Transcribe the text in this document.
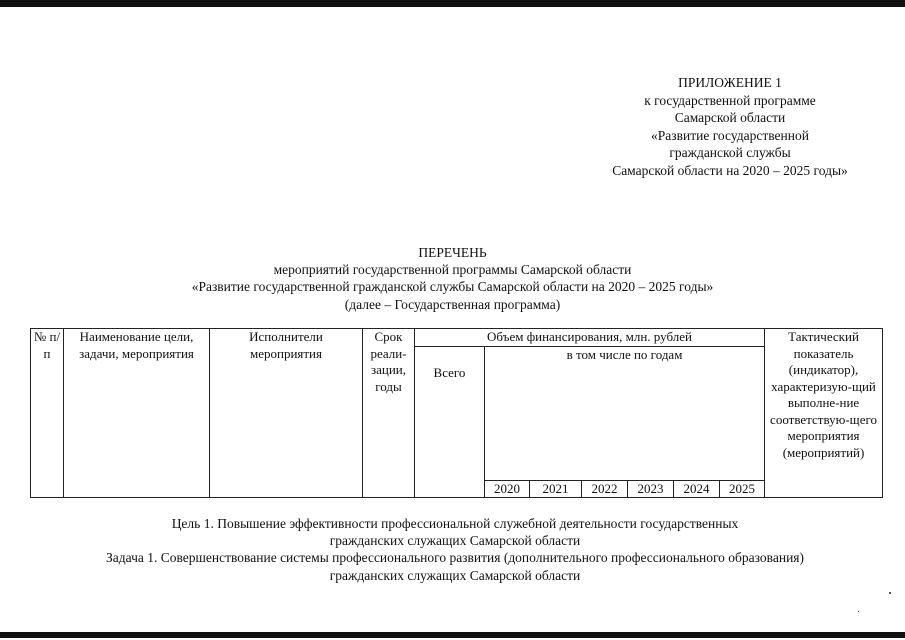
ПРИЛОЖЕНИЕ 1
к государственной программе
Самарской области
«Развитие государственной
гражданской службы
Самарской области на 2020 – 2025 годы»
ПЕРЕЧЕНЬ
мероприятий государственной программы Самарской области
«Развитие государственной гражданской службы Самарской области на 2020 – 2025 годы»
(далее – Государственная программа)
№ п/п	Наименование цели, задачи, мероприятия	Исполнители мероприятия	Срок реали-зации, годы	Объем финансирования, млн. рублей							Тактический показатель (индикатор), характеризую-щий выполне-ние соответствую-щего мероприятия (мероприятий)
				Всего	в том числе по годам						
					2020	2021	2022	2023	2024	2025	
Цель 1. Повышение эффективности профессиональной служебной деятельности государственных
гражданских служащих Самарской области
Задача 1. Совершенствование системы профессионального развития (дополнительного профессионального образования)
гражданских служащих Самарской области
